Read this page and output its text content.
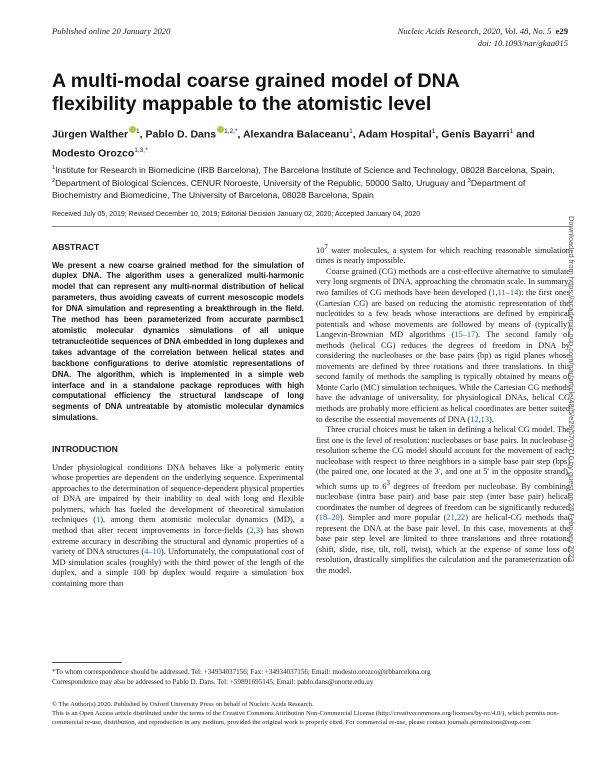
Published online 20 January 2020	Nucleic Acids Research, 2020, Vol. 48, No. 5 e29
doi: 10.1093/nar/gkaa015
A multi-modal coarse grained model of DNA flexibility mappable to the atomistic level
Jürgen Walther $^1$, Pablo D. Dans $^{1,2,*}$, Alexandra Balaceanu$^1$, Adam Hospital$^1$, Genís Bayarri$^1$ and Modesto Orozco$^{1,3,*}$
$^1$Institute for Research in Biomedicine (IRB Barcelona), The Barcelona Institute of Science and Technology, 08028 Barcelona, Spain, $^2$Department of Biological Sciences, CENUR Noroeste, University of the Republic, 50000 Salto, Uruguay and $^3$Department of Biochemistry and Biomedicine, The University of Barcelona, 08028 Barcelona, Spain
Received July 05, 2019; Revised December 10, 2019; Editorial Decision January 02, 2020; Accepted January 04, 2020
ABSTRACT

We present a new coarse grained method for the simulation of duplex DNA. The algorithm uses a generalized multi-harmonic model that can represent any multi-normal distribution of helical parameters, thus avoiding caveats of current mesoscopic models for DNA simulation and representing a breakthrough in the field. The method has been parameterized from accurate parmbsc1 atomistic molecular dynamics simulations of all unique tetranucleotide sequences of DNA embedded in long duplexes and takes advantage of the correlation between helical states and backbone configurations to derive atomistic representations of DNA. The algorithm, which is implemented in a simple web interface and in a standalone package reproduces with high computational efficiency the structural landscape of long segments of DNA untreatable by atomistic molecular dynamics simulations.

INTRODUCTION

Under physiological conditions DNA behaves like a polymeric entity whose properties are dependent on the underlying sequence. Experimental approaches to the determination of sequence-dependent physical properties of DNA are impaired by their inability to deal with long and flexible polymers, which has fueled the development of theoretical simulation techniques (1), among them atomistic molecular dynamics (MD), a method that after recent improvements in force-fields (2,3) has shown extreme accuracy in describing the structural and dynamic properties of a variety of DNA structures (4–10). Unfortunately, the computational cost of MD simulation scales (roughly) with the third power of the length of the duplex, and a simple 100 bp duplex would require a simulation box containing more than

$10^7$ water molecules, a system for which reaching reasonable simulation times is nearly impossible.

Coarse grained (CG) methods are a cost-effective alternative to simulate very long segments of DNA, approaching the chromatin scale. In summary, two families of CG methods have been developed (1,11–14): the first ones (Cartesian CG) are based on reducing the atomistic representation of the nucleotides to a few beads whose interactions are defined by empirical potentials and whose movements are followed by means of (typically) Langevin-Brownian MD algorithms (15–17). The second family of methods (helical CG) reduces the degrees of freedom in DNA by considering the nucleobases or the base pairs (bp) as rigid planes whose movements are defined by three rotations and three translations. In this second family of methods the sampling is typically obtained by means of Monte Carlo (MC) simulation techniques. While the Cartesian CG methods have the advantage of universality, for physiological DNAs, helical CG methods are probably more efficient as helical coordinates are better suited to describe the essential movements of DNA (12,13).

Three crucial choices must be taken in defining a helical CG model. The first one is the level of resolution: nucleobases or base pairs. In nucleobase-resolution scheme the CG model should account for the movement of each nucleobase with respect to three neighbors in a simple base pair step (bps) (the paired one, one located at the 3′, and one at 5′ in the opposite strand), which sums up to $6^3$ degrees of freedom per nucleobase. By combining nucleobase (intra base pair) and base pair step (inter base pair) helical coordinates the number of degrees of freedom can be significantly reduced (18–20). Simpler and more popular (21,22) are helical-CG methods that represent the DNA at the base pair level. In this case, movements at the base pair step level are limited to three translations and three rotations (shift, slide, rise, tilt, roll, twist), which at the expense of some loss of resolution, drastically simplifies the calculation and the parameterization of the model.

*To whom correspondence should be addressed. Tel: +34934037156; Fax: +34934037156; Email: modesto.orozco@irbbarcelona.org
Correspondence may also be addressed to Pablo D. Dans. Tel: +59891695145; Email: pablo.dans@unorte.edu.uy
© The Author(s) 2020. Published by Oxford University Press on behalf of Nucleic Acids Research.
This is an Open Access article distributed under the terms of the Creative Commons Attribution Non-Commercial License (http://creativecommons.org/licenses/by-nc/4.0/), which permits non-commercial re-use, distribution, and reproduction in any medium, provided the original work is properly cited. For commercial re-use, please contact journals.permissions@oup.com
Downloaded from https://academic.oup.com/nar/article/48/5/e29/5709710 by guest on 28 February 2023
